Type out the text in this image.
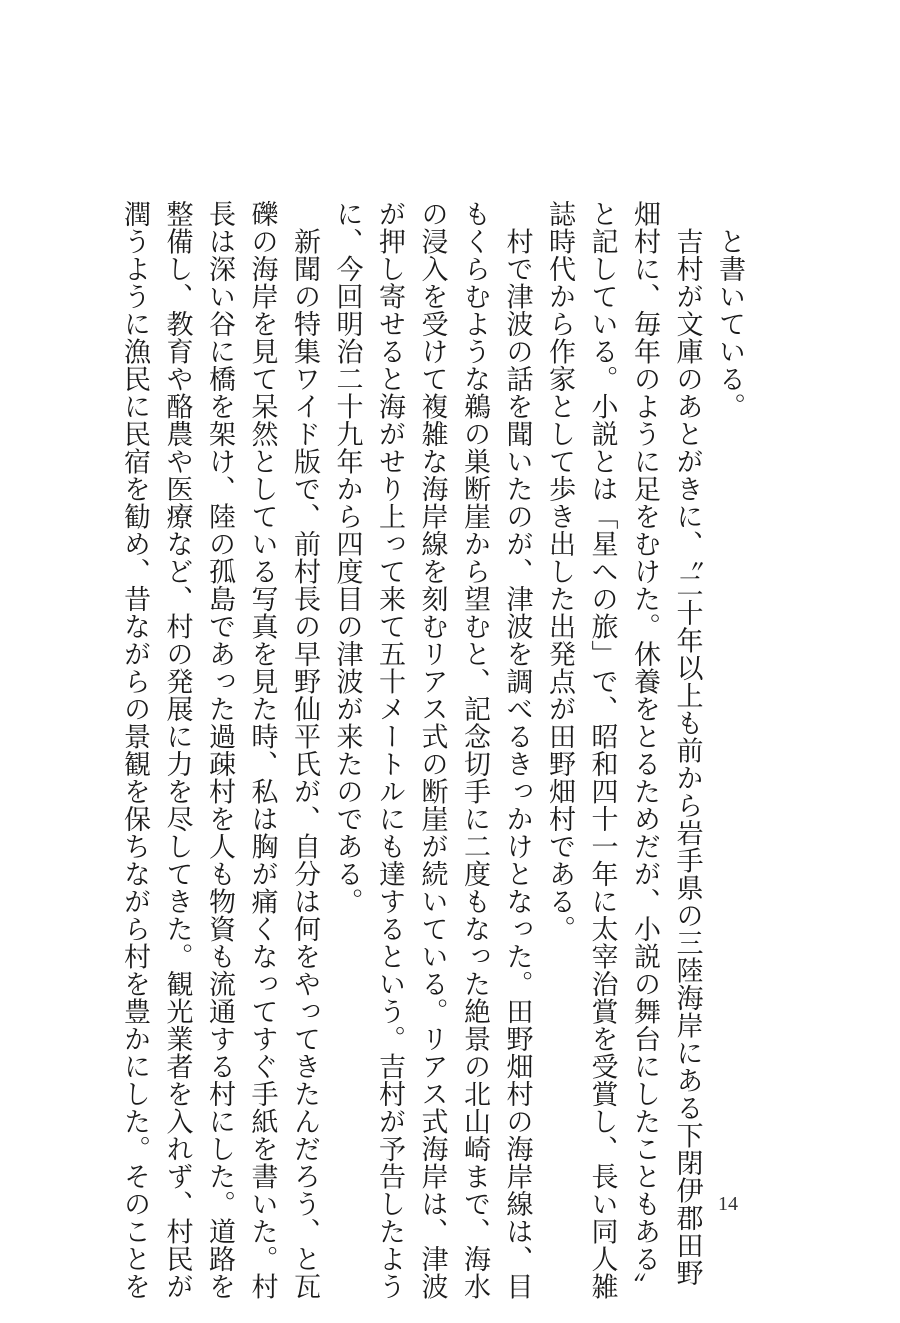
　と書いている。

　吉村が文庫のあとがきに、〝二十年以上も前から岩手県の三陸海岸にある下閉伊郡田野

畑村に、毎年のように足をむけた。休養をとるためだが、小説の舞台にしたこともある〟

と記している。小説とは「星への旅」で、昭和四十一年に太宰治賞を受賞し、長い同人雑

誌時代から作家として歩き出した出発点が田野畑村である。

　村で津波の話を聞いたのが、津波を調べるきっかけとなった。田野畑村の海岸線は、目

もくらむような鵜の巣断崖から望むと、記念切手に二度もなった絶景の北山崎まで、海水

の浸入を受けて複雑な海岸線を刻むリアス式の断崖が続いている。リアス式海岸は、津波

が押し寄せると海がせり上って来て五十メートルにも達するという。吉村が予告したよう

に、今回明治二十九年から四度目の津波が来たのである。

　新聞の特集ワイド版で、前村長の早野仙平氏が、自分は何をやってきたんだろう、と瓦

礫の海岸を見て呆然としている写真を見た時、私は胸が痛くなってすぐ手紙を書いた。村

長は深い谷に橋を架け、陸の孤島であった過疎村を人も物資も流通する村にした。道路を

整備し、教育や酪農や医療など、村の発展に力を尽してきた。観光業者を入れず、村民が

潤うように漁民に民宿を勧め、昔ながらの景観を保ちながら村を豊かにした。そのことを	14
